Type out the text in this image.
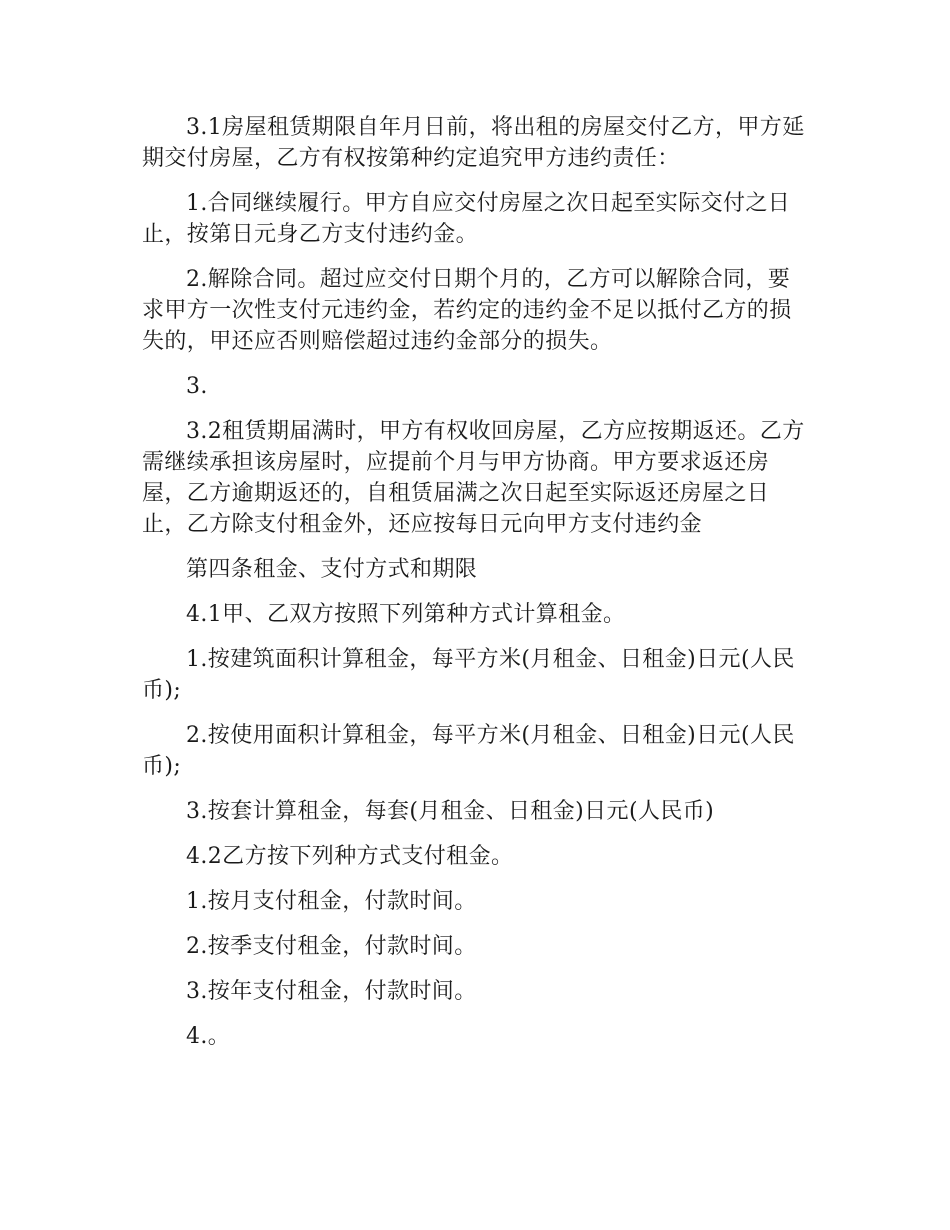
3.1房屋租赁期限自年月日前，将出租的房屋交付乙方，甲方延期交付房屋，乙方有权按第种约定追究甲方违约责任：

1.合同继续履行。甲方自应交付房屋之次日起至实际交付之日止，按第日元身乙方支付违约金。

2.解除合同。超过应交付日期个月的，乙方可以解除合同，要求甲方一次性支付元违约金，若约定的违约金不足以抵付乙方的损失的，甲还应否则赔偿超过违约金部分的损失。

3.

3.2租赁期届满时，甲方有权收回房屋，乙方应按期返还。乙方需继续承担该房屋时，应提前个月与甲方协商。甲方要求返还房屋，乙方逾期返还的，自租赁届满之次日起至实际返还房屋之日止，乙方除支付租金外，还应按每日元向甲方支付违约金

第四条租金、支付方式和期限

4.1甲、乙双方按照下列第种方式计算租金。

1.按建筑面积计算租金，每平方米(月租金、日租金)日元(人民币);

2.按使用面积计算租金，每平方米(月租金、日租金)日元(人民币);

3.按套计算租金，每套(月租金、日租金)日元(人民币)

4.2乙方按下列种方式支付租金。

1.按月支付租金，付款时间。

2.按季支付租金，付款时间。

3.按年支付租金，付款时间。

4.。
